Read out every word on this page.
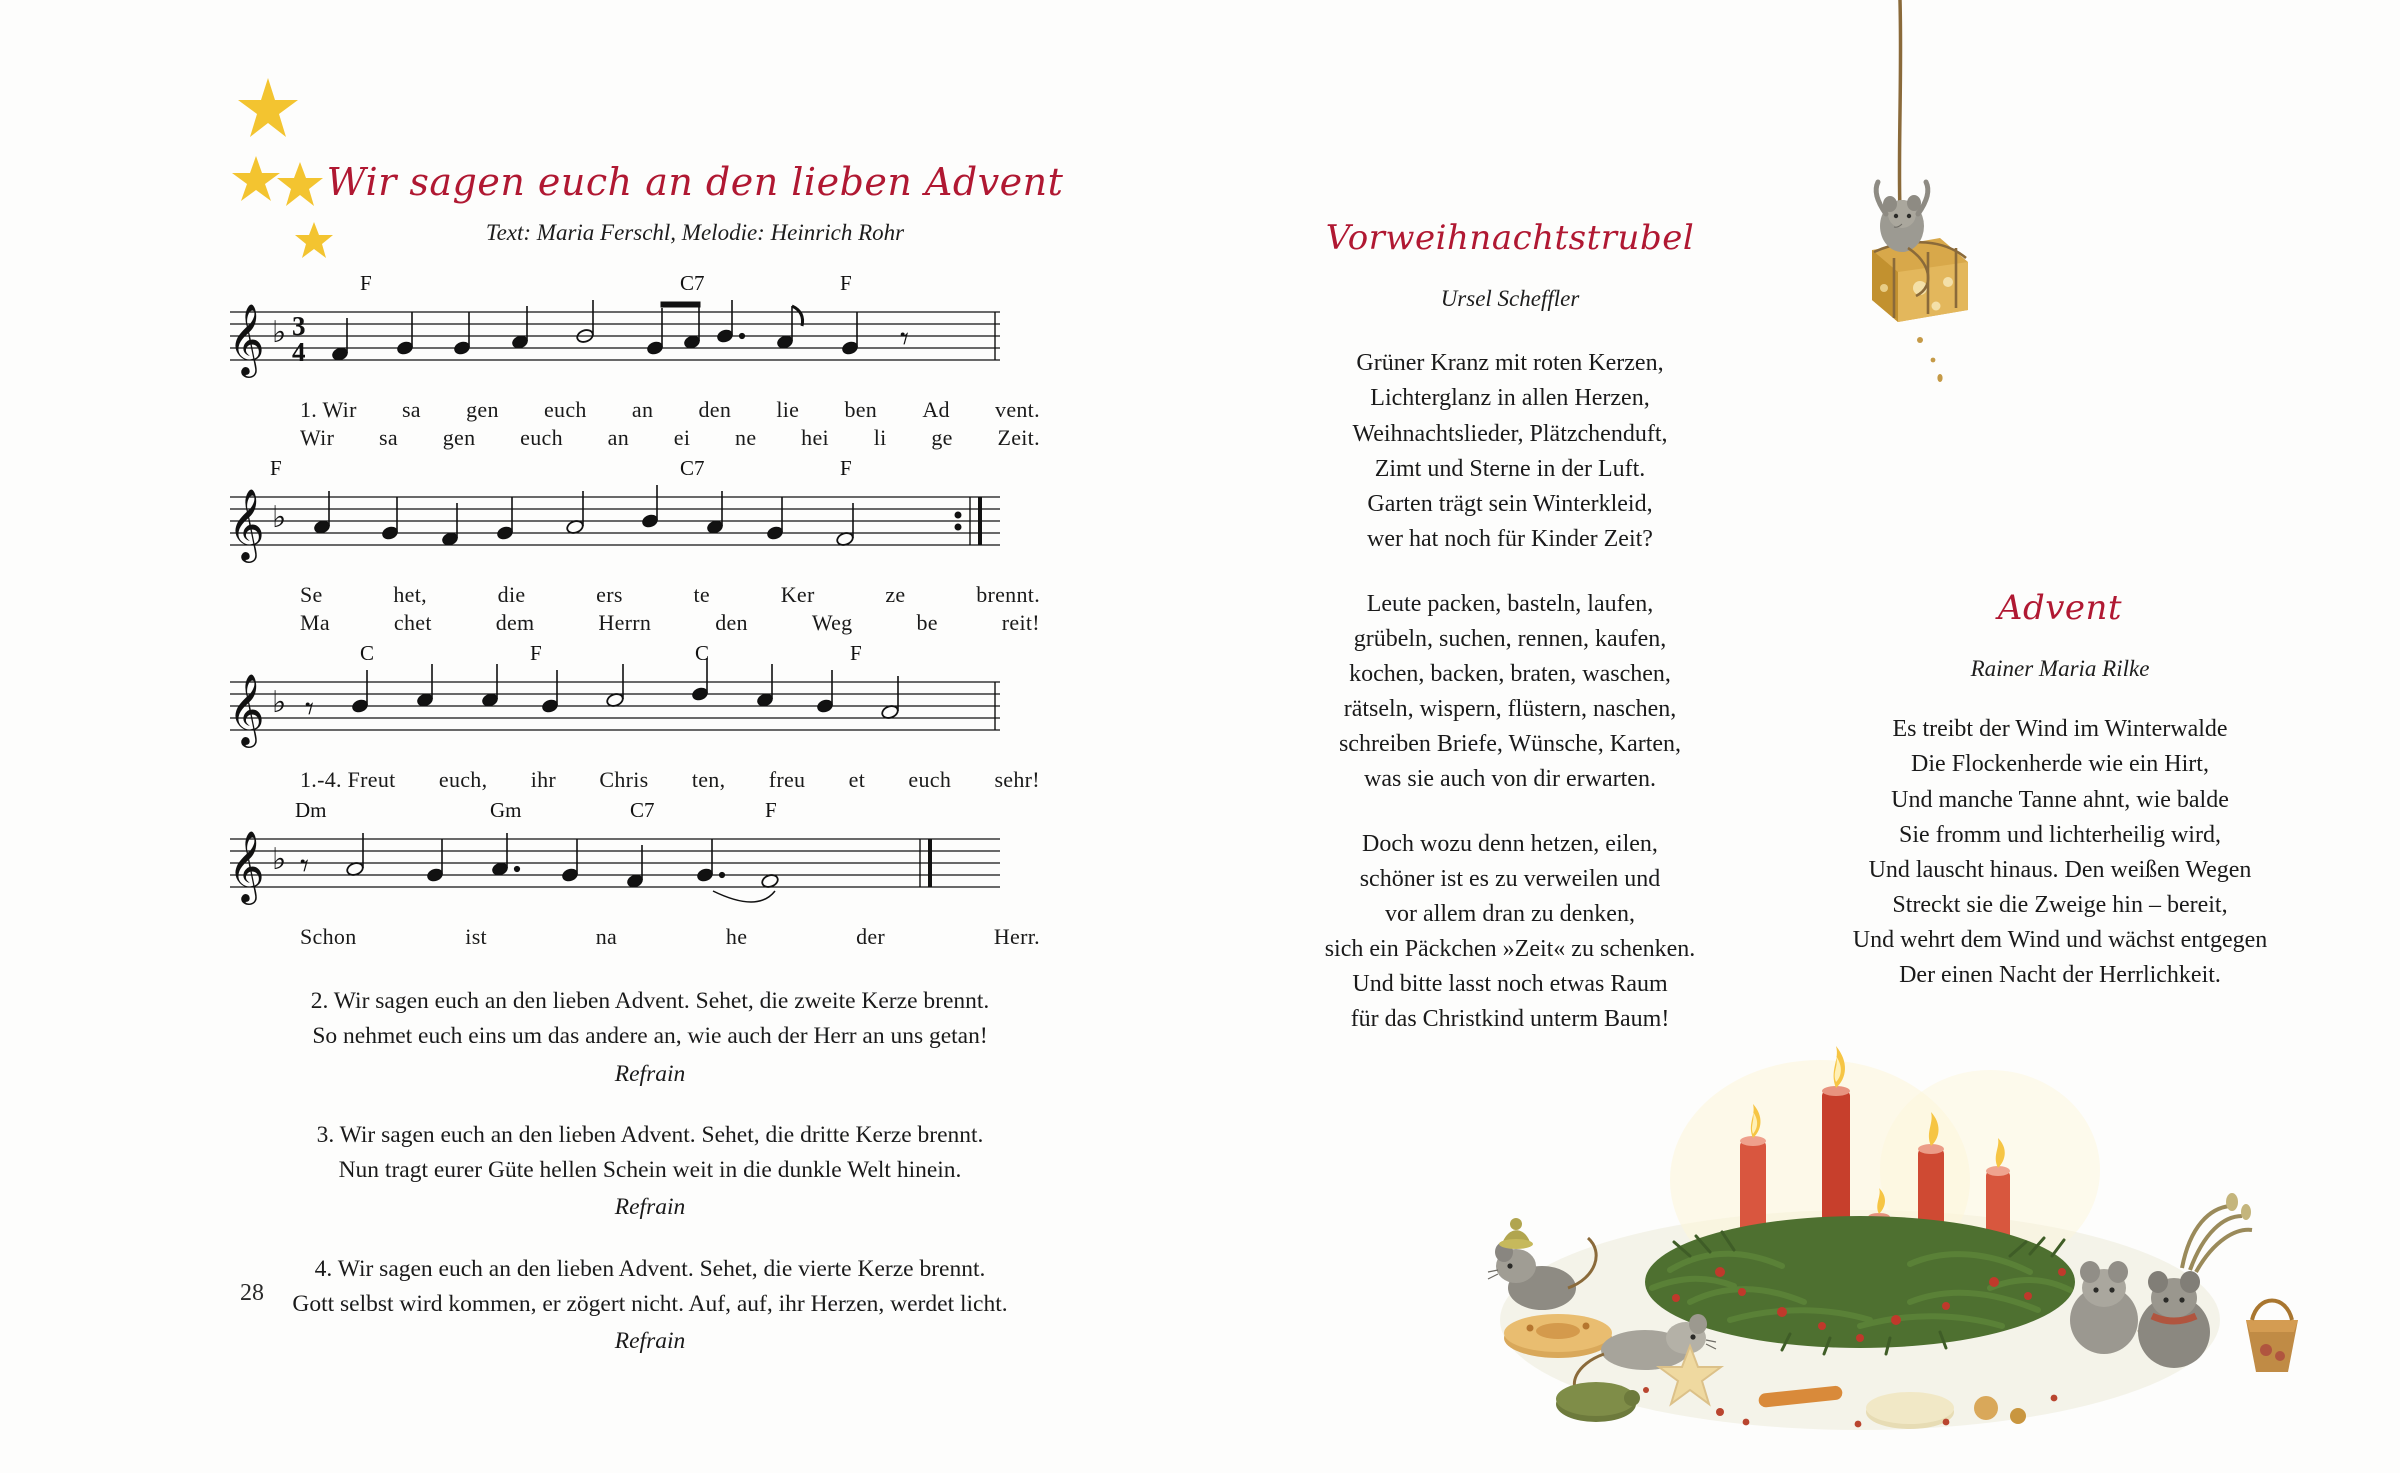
Wir sagen euch an den lieben Advent
Text: Maria Ferschl, Melodie: Heinrich Rohr
F	C7	F
𝄞 ♭ 3
4	𝄾
1. Wir sa gen euch an den lie ben Ad vent.
Wir sa gen euch an ei ne hei li ge Zeit.
F	C7	F
𝄞 ♭
Se	het,	die	ers	te	Ker	ze	brennt.
Ma	chet	dem	Herrn	den	Weg	be	reit!
C	F	C	F
𝄞 ♭ 𝄾
1.-4. Freut euch, ihr Chris ten, freu et euch sehr!
Dm	Gm	C7	F
𝄞 ♭ 𝄾
Schon	ist	na	he	der	Herr.
2. Wir sagen euch an den lieben Advent. Sehet, die zweite Kerze brennt.
So nehmet euch eins um das andere an, wie auch der Herr an uns getan!
Refrain
3. Wir sagen euch an den lieben Advent. Sehet, die dritte Kerze brennt.
Nun tragt eurer Güte hellen Schein weit in die dunkle Welt hinein.
Refrain
4. Wir sagen euch an den lieben Advent. Sehet, die vierte Kerze brennt.
Gott selbst wird kommen, er zögert nicht. Auf, auf, ihr Herzen, werdet licht.
Refrain
28
Vorweihnachtstrubel
Ursel Scheffler
Grüner Kranz mit roten Kerzen,
Lichterglanz in allen Herzen,
Weihnachtslieder, Plätzchenduft,
Zimt und Sterne in der Luft.
Garten trägt sein Winterkleid,
wer hat noch für Kinder Zeit?
Leute packen, basteln, laufen,
grübeln, suchen, rennen, kaufen,
kochen, backen, braten, waschen,
rätseln, wispern, flüstern, naschen,
schreiben Briefe, Wünsche, Karten,
was sie auch von dir erwarten.
Doch wozu denn hetzen, eilen,
schöner ist es zu verweilen und
vor allem dran zu denken,
sich ein Päckchen »Zeit« zu schenken.
Und bitte lasst noch etwas Raum
für das Christkind unterm Baum!
Advent
Rainer Maria Rilke
Es treibt der Wind im Winterwalde
Die Flockenherde wie ein Hirt,
Und manche Tanne ahnt, wie balde
Sie fromm und lichterheilig wird,
Und lauscht hinaus. Den weißen Wegen
Streckt sie die Zweige hin – bereit,
Und wehrt dem Wind und wächst entgegen
Der einen Nacht der Herrlichkeit.
